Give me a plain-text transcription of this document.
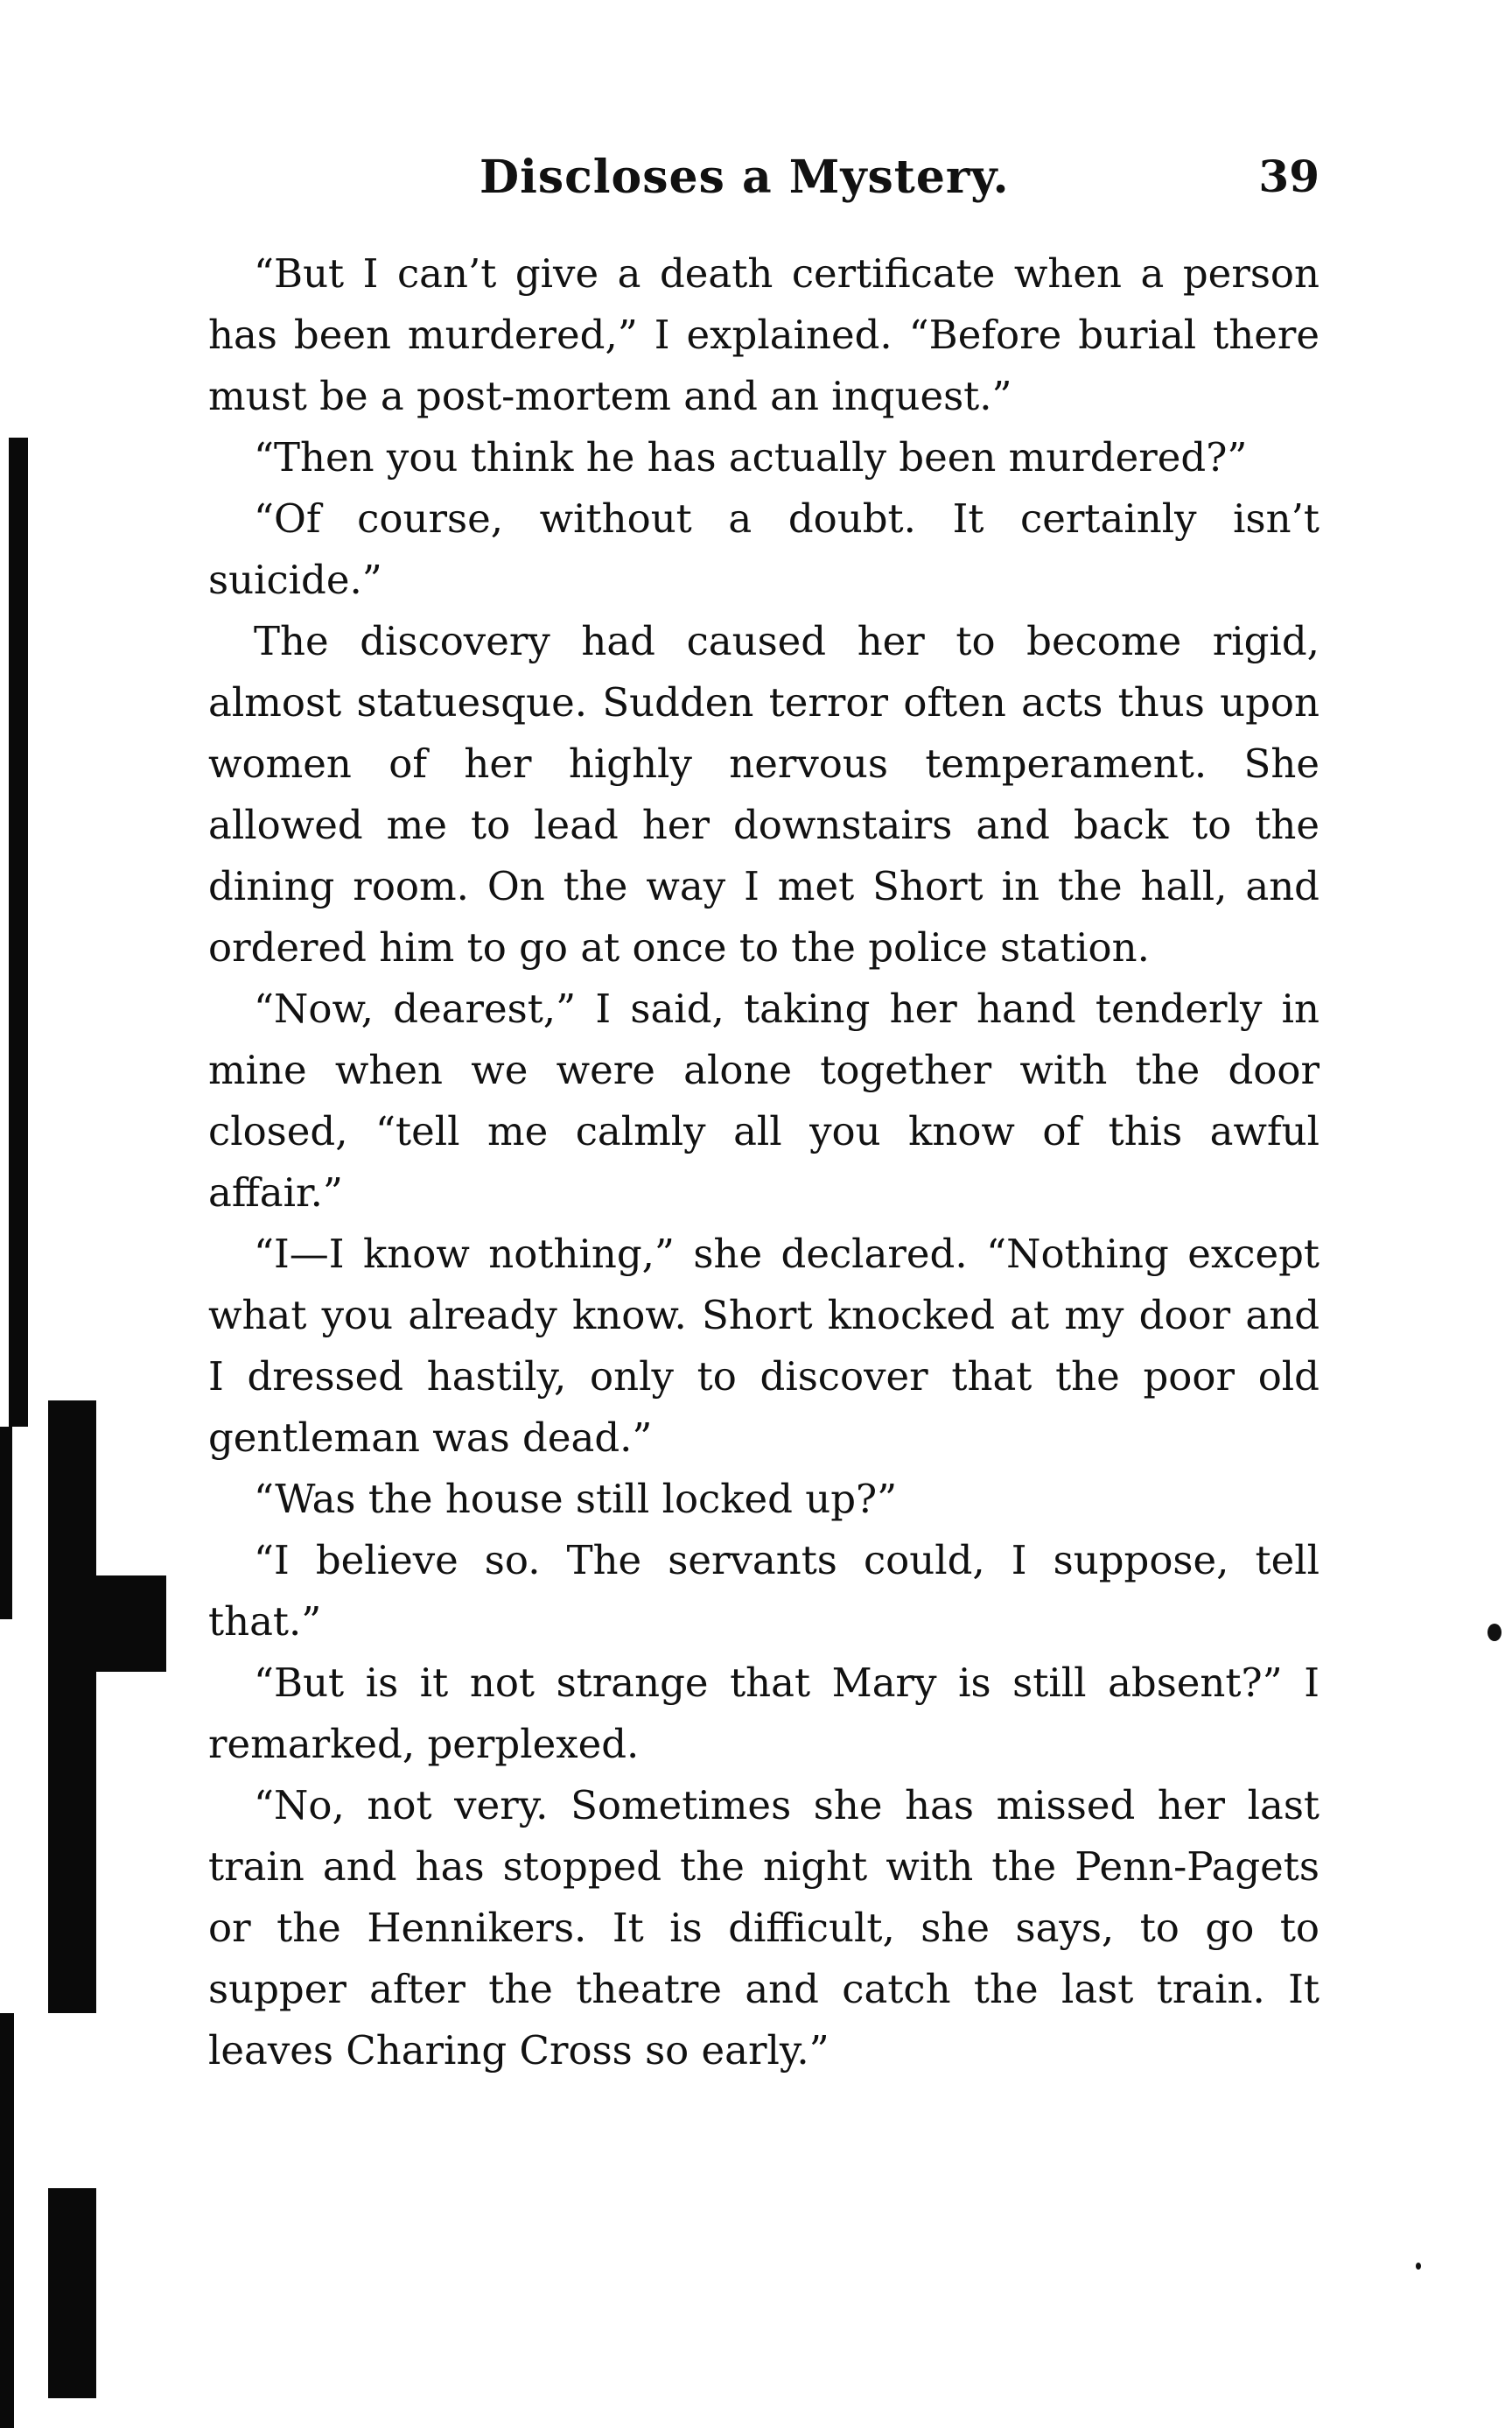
Discloses a Mystery.	39

“But I can’t give a death certificate when a person has been murdered,” I explained. “Before burial there must be a post-mortem and an inquest.”

“Then you think he has actually been murdered?”

“Of course, without a doubt. It certainly isn’t suicide.”

The discovery had caused her to become rigid, almost statuesque. Sudden terror often acts thus upon women of her highly nervous temperament. She allowed me to lead her downstairs and back to the dining room. On the way I met Short in the hall, and ordered him to go at once to the police station.

“Now, dearest,” I said, taking her hand tenderly in mine when we were alone together with the door closed, “tell me calmly all you know of this awful affair.”

“I—I know nothing,” she declared. “Nothing except what you already know. Short knocked at my door and I dressed hastily, only to discover that the poor old gentleman was dead.”

“Was the house still locked up?”

“I believe so. The servants could, I suppose, tell that.”

“But is it not strange that Mary is still absent?” I remarked, perplexed.

“No, not very. Sometimes she has missed her last train and has stopped the night with the Penn-Pagets or the Hennikers. It is difficult, she says, to go to supper after the theatre and catch the last train. It leaves Charing Cross so early.”
